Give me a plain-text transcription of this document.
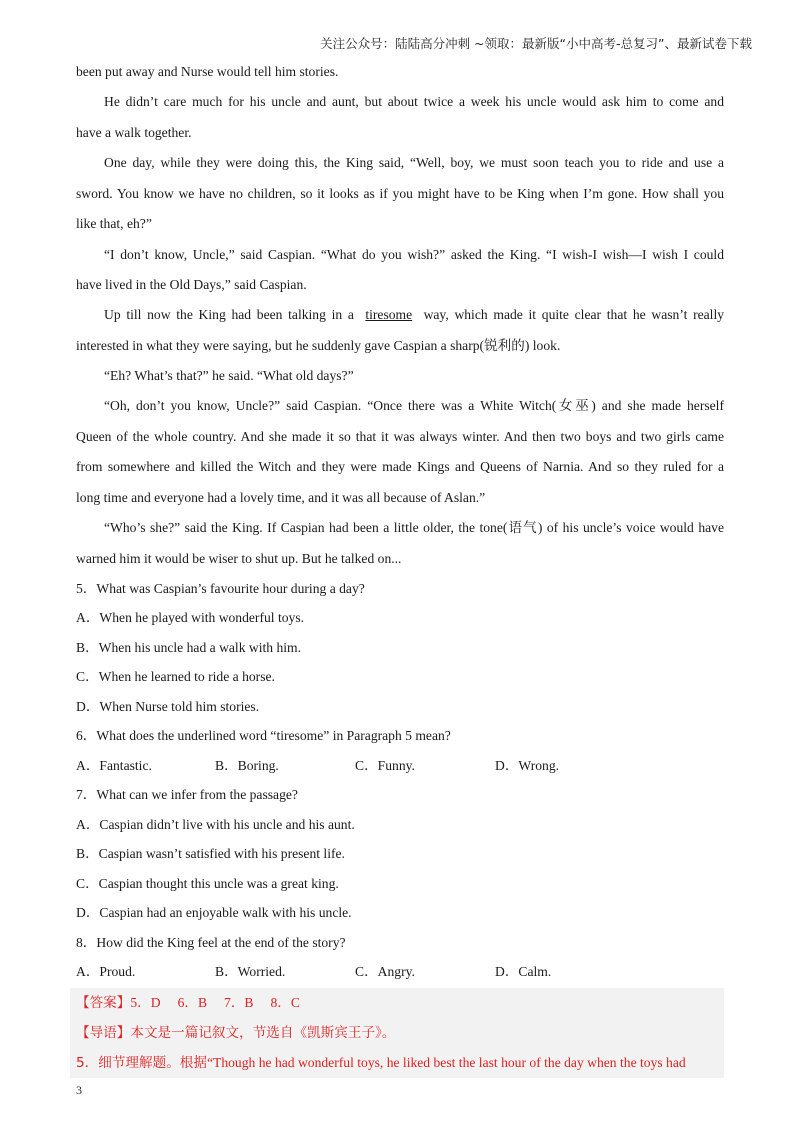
关注公众号：陆陆高分冲刺 ~领取：最新版“小中高考-总复习”、最新试卷下载
been put away and Nurse would tell him stories.
He didn’t care much for his uncle and aunt, but about twice a week his uncle would ask him to come and
have a walk together.
One day, while they were doing this, the King said, “Well, boy, we must soon teach you to ride and use a
sword. You know we have no children, so it looks as if you might have to be King when I’m gone. How shall you
like that, eh?”
“I don’t know, Uncle,” said Caspian. “What do you wish?” asked the King. “I wish-I wish—I wish I could
have lived in the Old Days,” said Caspian.
Up till now the King had been talking in a tiresome way, which made it quite clear that he wasn’t really
interested in what they were saying, but he suddenly gave Caspian a sharp(锐利的) look.
“Eh? What’s that?” he said. “What old days?”
“Oh, don’t you know, Uncle?” said Caspian. “Once there was a White Witch(女巫) and she made herself
Queen of the whole country. And she made it so that it was always winter. And then two boys and two girls came
from somewhere and killed the Witch and they were made Kings and Queens of Narnia. And so they ruled for a
long time and everyone had a lovely time, and it was all because of Aslan.”
“Who’s she?” said the King. If Caspian had been a little older, the tone(语气) of his uncle’s voice would have
warned him it would be wiser to shut up. But he talked on...
5．What was Caspian’s favourite hour during a day?
A．When he played with wonderful toys.
B．When his uncle had a walk with him.
C．When he learned to ride a horse.
D．When Nurse told him stories.
6．What does the underlined word “tiresome” in Paragraph 5 mean?
A．Fantastic.	B．Boring.	C．Funny.	D．Wrong.
7．What can we infer from the passage?
A．Caspian didn’t live with his uncle and his aunt.
B．Caspian wasn’t satisfied with his present life.
C．Caspian thought this uncle was a great king.
D．Caspian had an enjoyable walk with his uncle.
8．How did the King feel at the end of the story?
A．Proud.	B．Worried.	C．Angry.	D．Calm.
【答案】5．D　 6．B　 7．B　 8．C
【导语】本文是一篇记叙文，节选自《凯斯宾王子》。
5．细节理解题。根据“Though he had wonderful toys, he liked best the last hour of the day when the toys had
3
